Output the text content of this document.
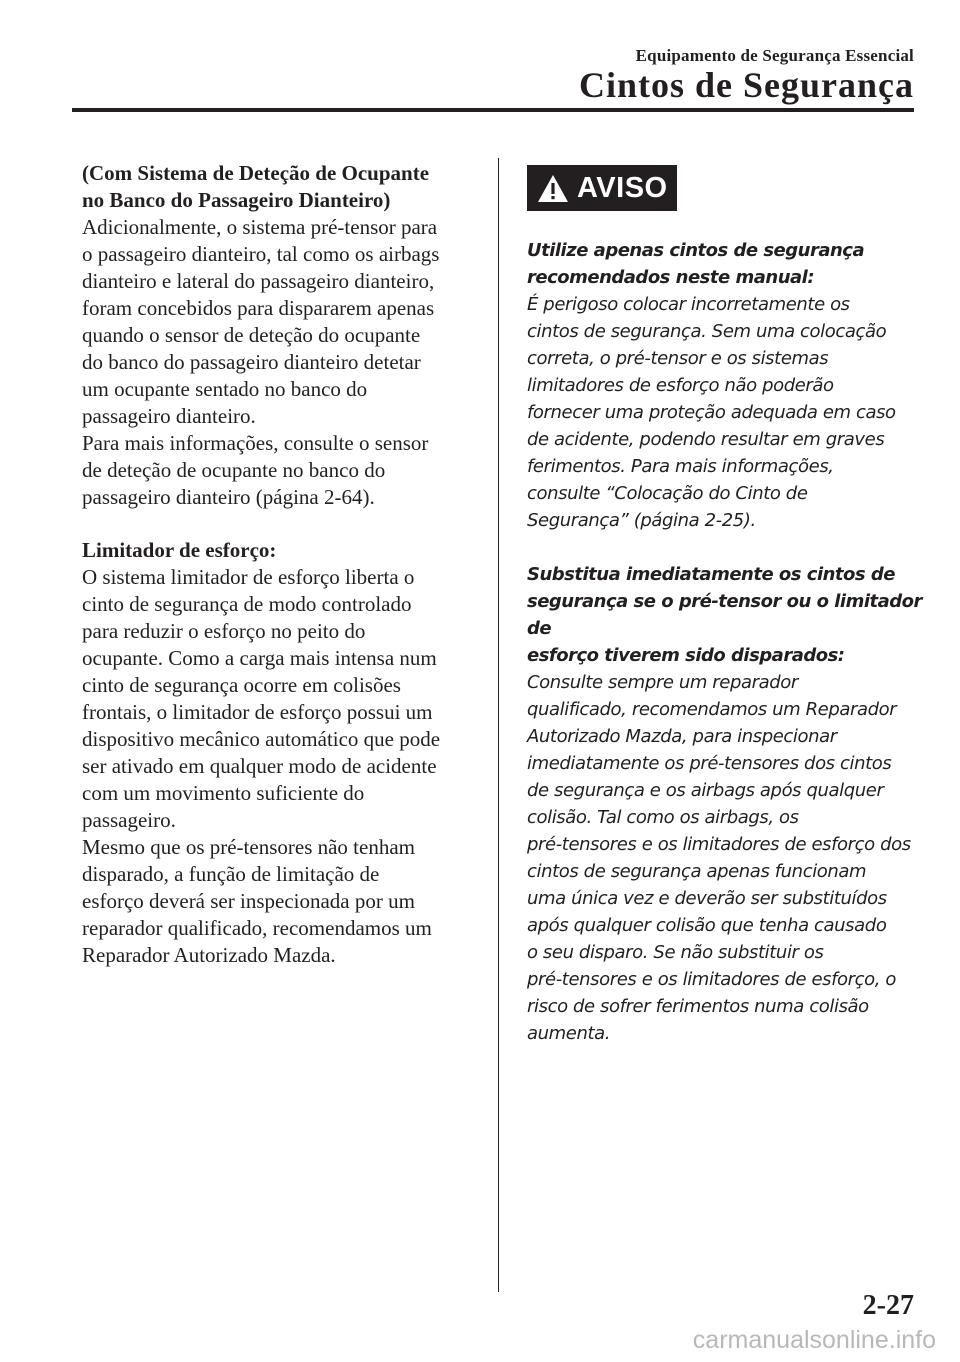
Equipamento de Segurança Essencial
Cintos de Segurança

(Com Sistema de Deteção de Ocupante

no Banco do Passageiro Dianteiro)

Adicionalmente, o sistema pré-tensor para

o passageiro dianteiro, tal como os airbags

dianteiro e lateral do passageiro dianteiro,

foram concebidos para dispararem apenas

quando o sensor de deteção do ocupante

do banco do passageiro dianteiro detetar

um ocupante sentado no banco do

passageiro dianteiro.

Para mais informações, consulte o sensor

de deteção de ocupante no banco do

passageiro dianteiro (página 2-64).

Limitador de esforço:

O sistema limitador de esforço liberta o

cinto de segurança de modo controlado

para reduzir o esforço no peito do

ocupante. Como a carga mais intensa num

cinto de segurança ocorre em colisões

frontais, o limitador de esforço possui um

dispositivo mecânico automático que pode

ser ativado em qualquer modo de acidente

com um movimento suficiente do

passageiro.

Mesmo que os pré-tensores não tenham

disparado, a função de limitação de

esforço deverá ser inspecionada por um

reparador qualificado, recomendamos um

Reparador Autorizado Mazda.

AVISO

Utilize apenas cintos de segurança

recomendados neste manual:

É perigoso colocar incorretamente os

cintos de segurança. Sem uma colocação

correta, o pré-tensor e os sistemas

limitadores de esforço não poderão

fornecer uma proteção adequada em caso

de acidente, podendo resultar em graves

ferimentos. Para mais informações,

consulte “Colocação do Cinto de

Segurança” (página 2-25).

Substitua imediatamente os cintos de

segurança se o pré-tensor ou o limitador de

esforço tiverem sido disparados:

Consulte sempre um reparador

qualificado, recomendamos um Reparador

Autorizado Mazda, para inspecionar

imediatamente os pré-tensores dos cintos

de segurança e os airbags após qualquer

colisão. Tal como os airbags, os

pré-tensores e os limitadores de esforço dos

cintos de segurança apenas funcionam

uma única vez e deverão ser substituídos

após qualquer colisão que tenha causado

o seu disparo. Se não substituir os

pré-tensores e os limitadores de esforço, o

risco de sofrer ferimentos numa colisão

aumenta.

2-27
carmanualsonline.info
